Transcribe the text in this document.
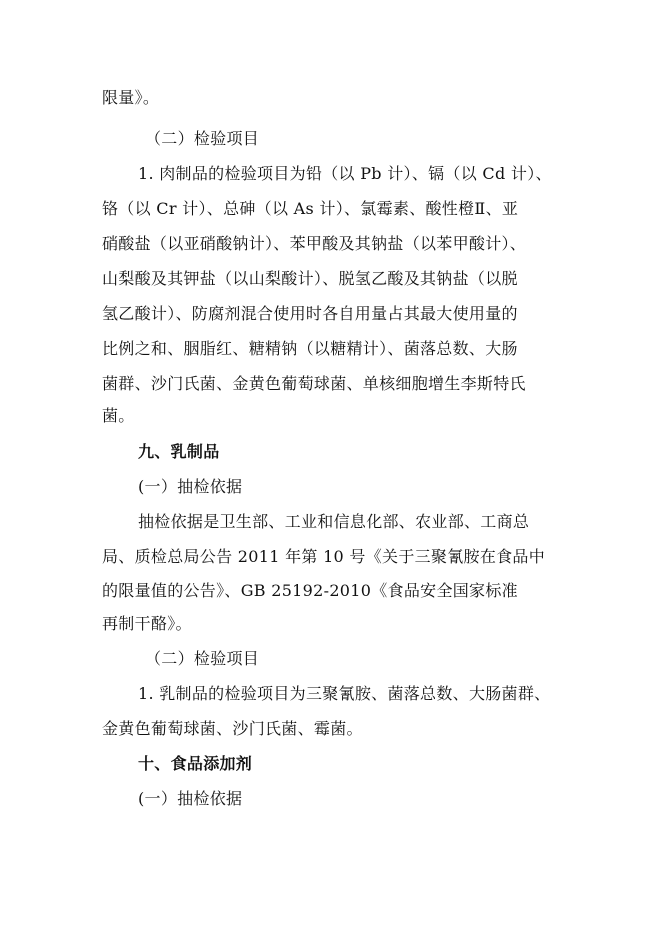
限量》。
（二）检验项目
1. 肉制品的检验项目为铅（以 Pb 计）、镉（以 Cd 计）、
铬（以 Cr 计）、总砷（以 As 计）、氯霉素、酸性橙Ⅱ、亚
硝酸盐（以亚硝酸钠计）、苯甲酸及其钠盐（以苯甲酸计）、
山梨酸及其钾盐（以山梨酸计）、脱氢乙酸及其钠盐（以脱
氢乙酸计）、防腐剂混合使用时各自用量占其最大使用量的
比例之和、胭脂红、糖精钠（以糖精计）、菌落总数、大肠
菌群、沙门氏菌、金黄色葡萄球菌、单核细胞增生李斯特氏
菌。
九、乳制品
(一）抽检依据
抽检依据是卫生部、工业和信息化部、农业部、工商总
局、质检总局公告 2011 年第 10 号《关于三聚氰胺在食品中
的限量值的公告》、GB 25192-2010《食品安全国家标准
再制干酪》。
（二）检验项目
1. 乳制品的检验项目为三聚氰胺、菌落总数、大肠菌群、
金黄色葡萄球菌、沙门氏菌、霉菌。
十、食品添加剂
(一）抽检依据
